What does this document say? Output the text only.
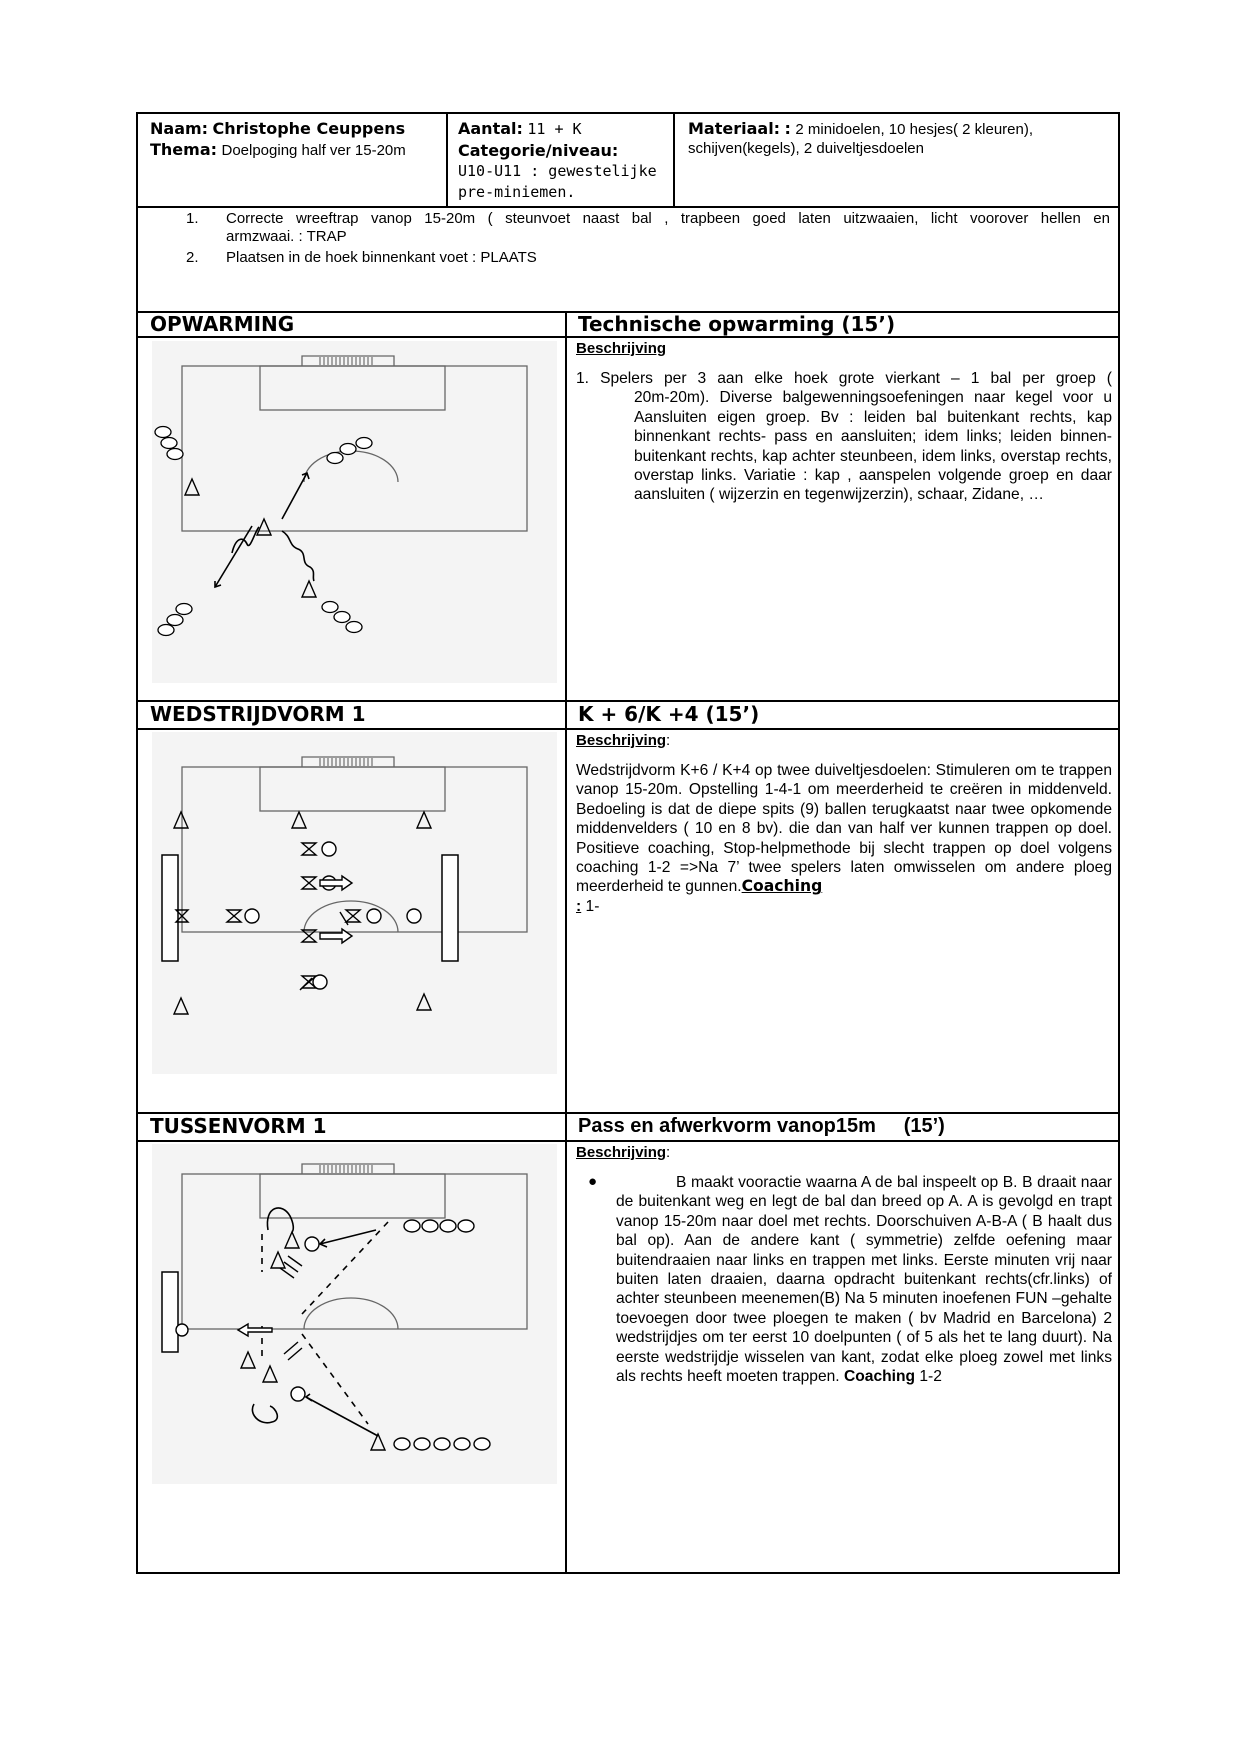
Naam: Christophe Ceuppens
Thema: Doelpoging half ver 15-20m
Aantal: 11 + K
Categorie/niveau:
U10-U11 : gewestelijke
pre-miniemen.
Materiaal: : 2 minidoelen, 10 hesjes( 2 kleuren),
schijven(kegels), 2 duiveltjesdoelen
1. Correcte wreeftrap vanop 15-20m ( steunvoet naast bal , trapbeen goed laten uitzwaaien, licht voorover hellen en
armzwaai. : TRAP
2. Plaatsen in de hoek binnenkant voet : PLAATS
OPWARMING	Technische opwarming (15’)
Beschrijving
1. Spelers per 3 aan elke hoek grote vierkant – 1 bal per groep (
20m-20m). Diverse balgewenningsoefeningen naar kegel voor u Aansluiten eigen groep. Bv : leiden bal buitenkant rechts, kap binnenkant rechts- pass en aansluiten; idem links; leiden binnen-buitenkant rechts, kap achter steunbeen, idem links, overstap rechts, overstap links. Variatie : kap , aanspelen volgende groep en daar aansluiten ( wijzerzin en tegenwijzerzin), schaar, Zidane, …
WEDSTRIJDVORM 1	K + 6/K +4 (15’)
Beschrijving:
Wedstrijdvorm K+6 / K+4 op twee duiveltjesdoelen: Stimuleren om te trappen vanop 15-20m. Opstelling 1-4-1 om meerderheid te creëren in middenveld. Bedoeling is dat de diepe spits (9) ballen terugkaatst naar twee opkomende middenvelders ( 10 en 8 bv). die dan van half ver kunnen trappen op doel. Positieve coaching, Stop-helpmethode bij slecht trappen op doel volgens coaching 1-2 =>Na 7’ twee spelers laten omwisselen om andere ploeg meerderheid te gunnen.Coaching
: 1-
TUSSENVORM 1	Pass en afwerkvorm vanop15m     (15’)
Beschrijving:
●	B maakt vooractie waarna A de bal inspeelt op B. B draait naar de buitenkant weg en legt de bal dan breed op A. A is gevolgd en trapt vanop 15-20m naar doel met rechts. Doorschuiven A-B-A ( B haalt dus bal op). Aan de andere kant ( symmetrie) zelfde oefening maar buitendraaien naar links en trappen met links. Eerste minuten vrij naar buiten laten draaien, daarna opdracht buitenkant rechts(cfr.links) of achter steunbeen meenemen(B) Na 5 minuten inoefenen FUN –gehalte toevoegen door twee ploegen te maken ( bv Madrid en Barcelona) 2 wedstrijdjes om ter eerst 10 doelpunten ( of 5 als het te lang duurt). Na eerste wedstrijdje wisselen van kant, zodat elke ploeg zowel met links als rechts heeft moeten trappen. Coaching 1-2
